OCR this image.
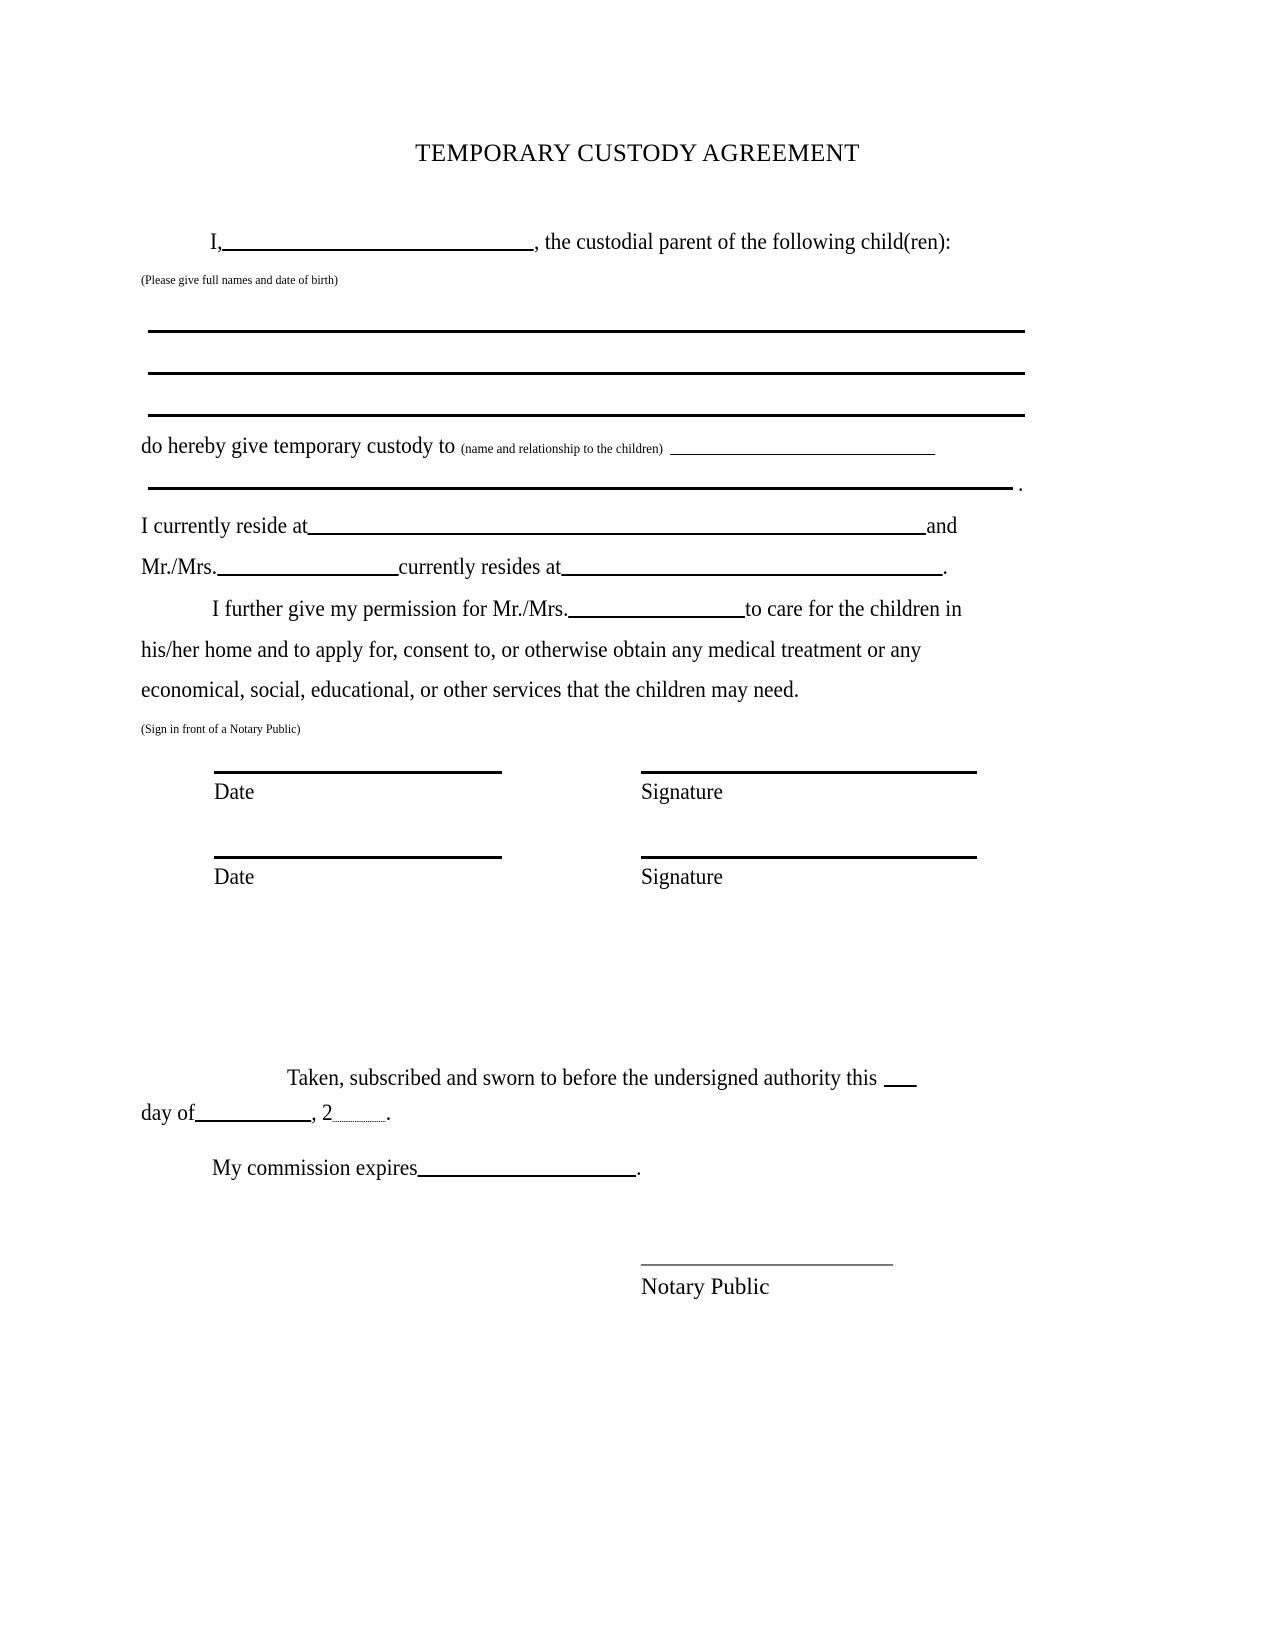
TEMPORARY CUSTODY AGREEMENT
I,	, the custodial parent of the following child(ren):
(Please give full names and date of birth)
do hereby give temporary custody to (name and relationship to the children)
.
I currently reside at	and
Mr./Mrs.	currently resides at	.
I further give my permission for Mr./Mrs.	to care for the children in
his/her home and to apply for, consent to, or otherwise obtain any medical treatment or any
economical, social, educational, or other services that the children may need.
(Sign in front of a Notary Public)
Date	Signature
Date	Signature
Taken, subscribed and sworn to before the undersigned authority this
day of	, 2 .
My commission expires	.
________________________
Notary Public
